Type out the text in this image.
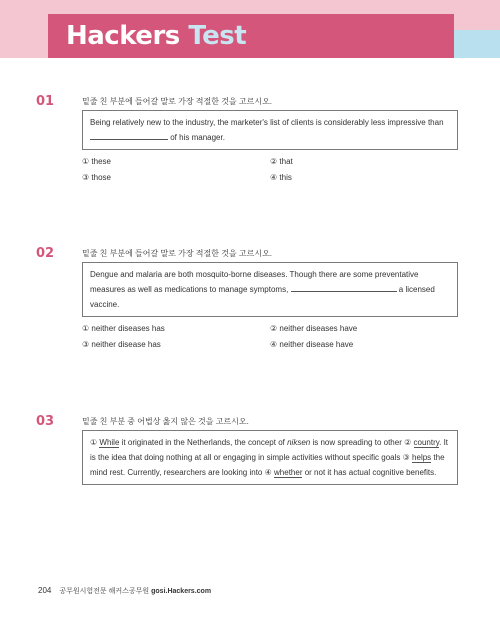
Hackers Test
01	밑줄 친 부분에 들어갈 말로 가장 적절한 것을 고르시오.
Being relatively new to the industry, the marketer's list of clients is considerably less impressive than  of his manager.
① these	② that
③ those	④ this
02	밑줄 친 부분에 들어갈 말로 가장 적절한 것을 고르시오.
Dengue and malaria are both mosquito-borne diseases. Though there are some preventative measures as well as medications to manage symptoms,	a licensed vaccine.
① neither diseases has	② neither diseases have
③ neither disease has	④ neither disease have
03	밑줄 친 부분 중 어법상 옳지 않은 것을 고르시오.
① While it originated in the Netherlands, the concept of niksen is now spreading to other ② country. It is the idea that doing nothing at all or engaging in simple activities without specific goals ③ helps the mind rest. Currently, researchers are looking into ④ whether or not it has actual cognitive benefits.
204 공무원시험전문 해커스공무원 gosi.Hackers.com
